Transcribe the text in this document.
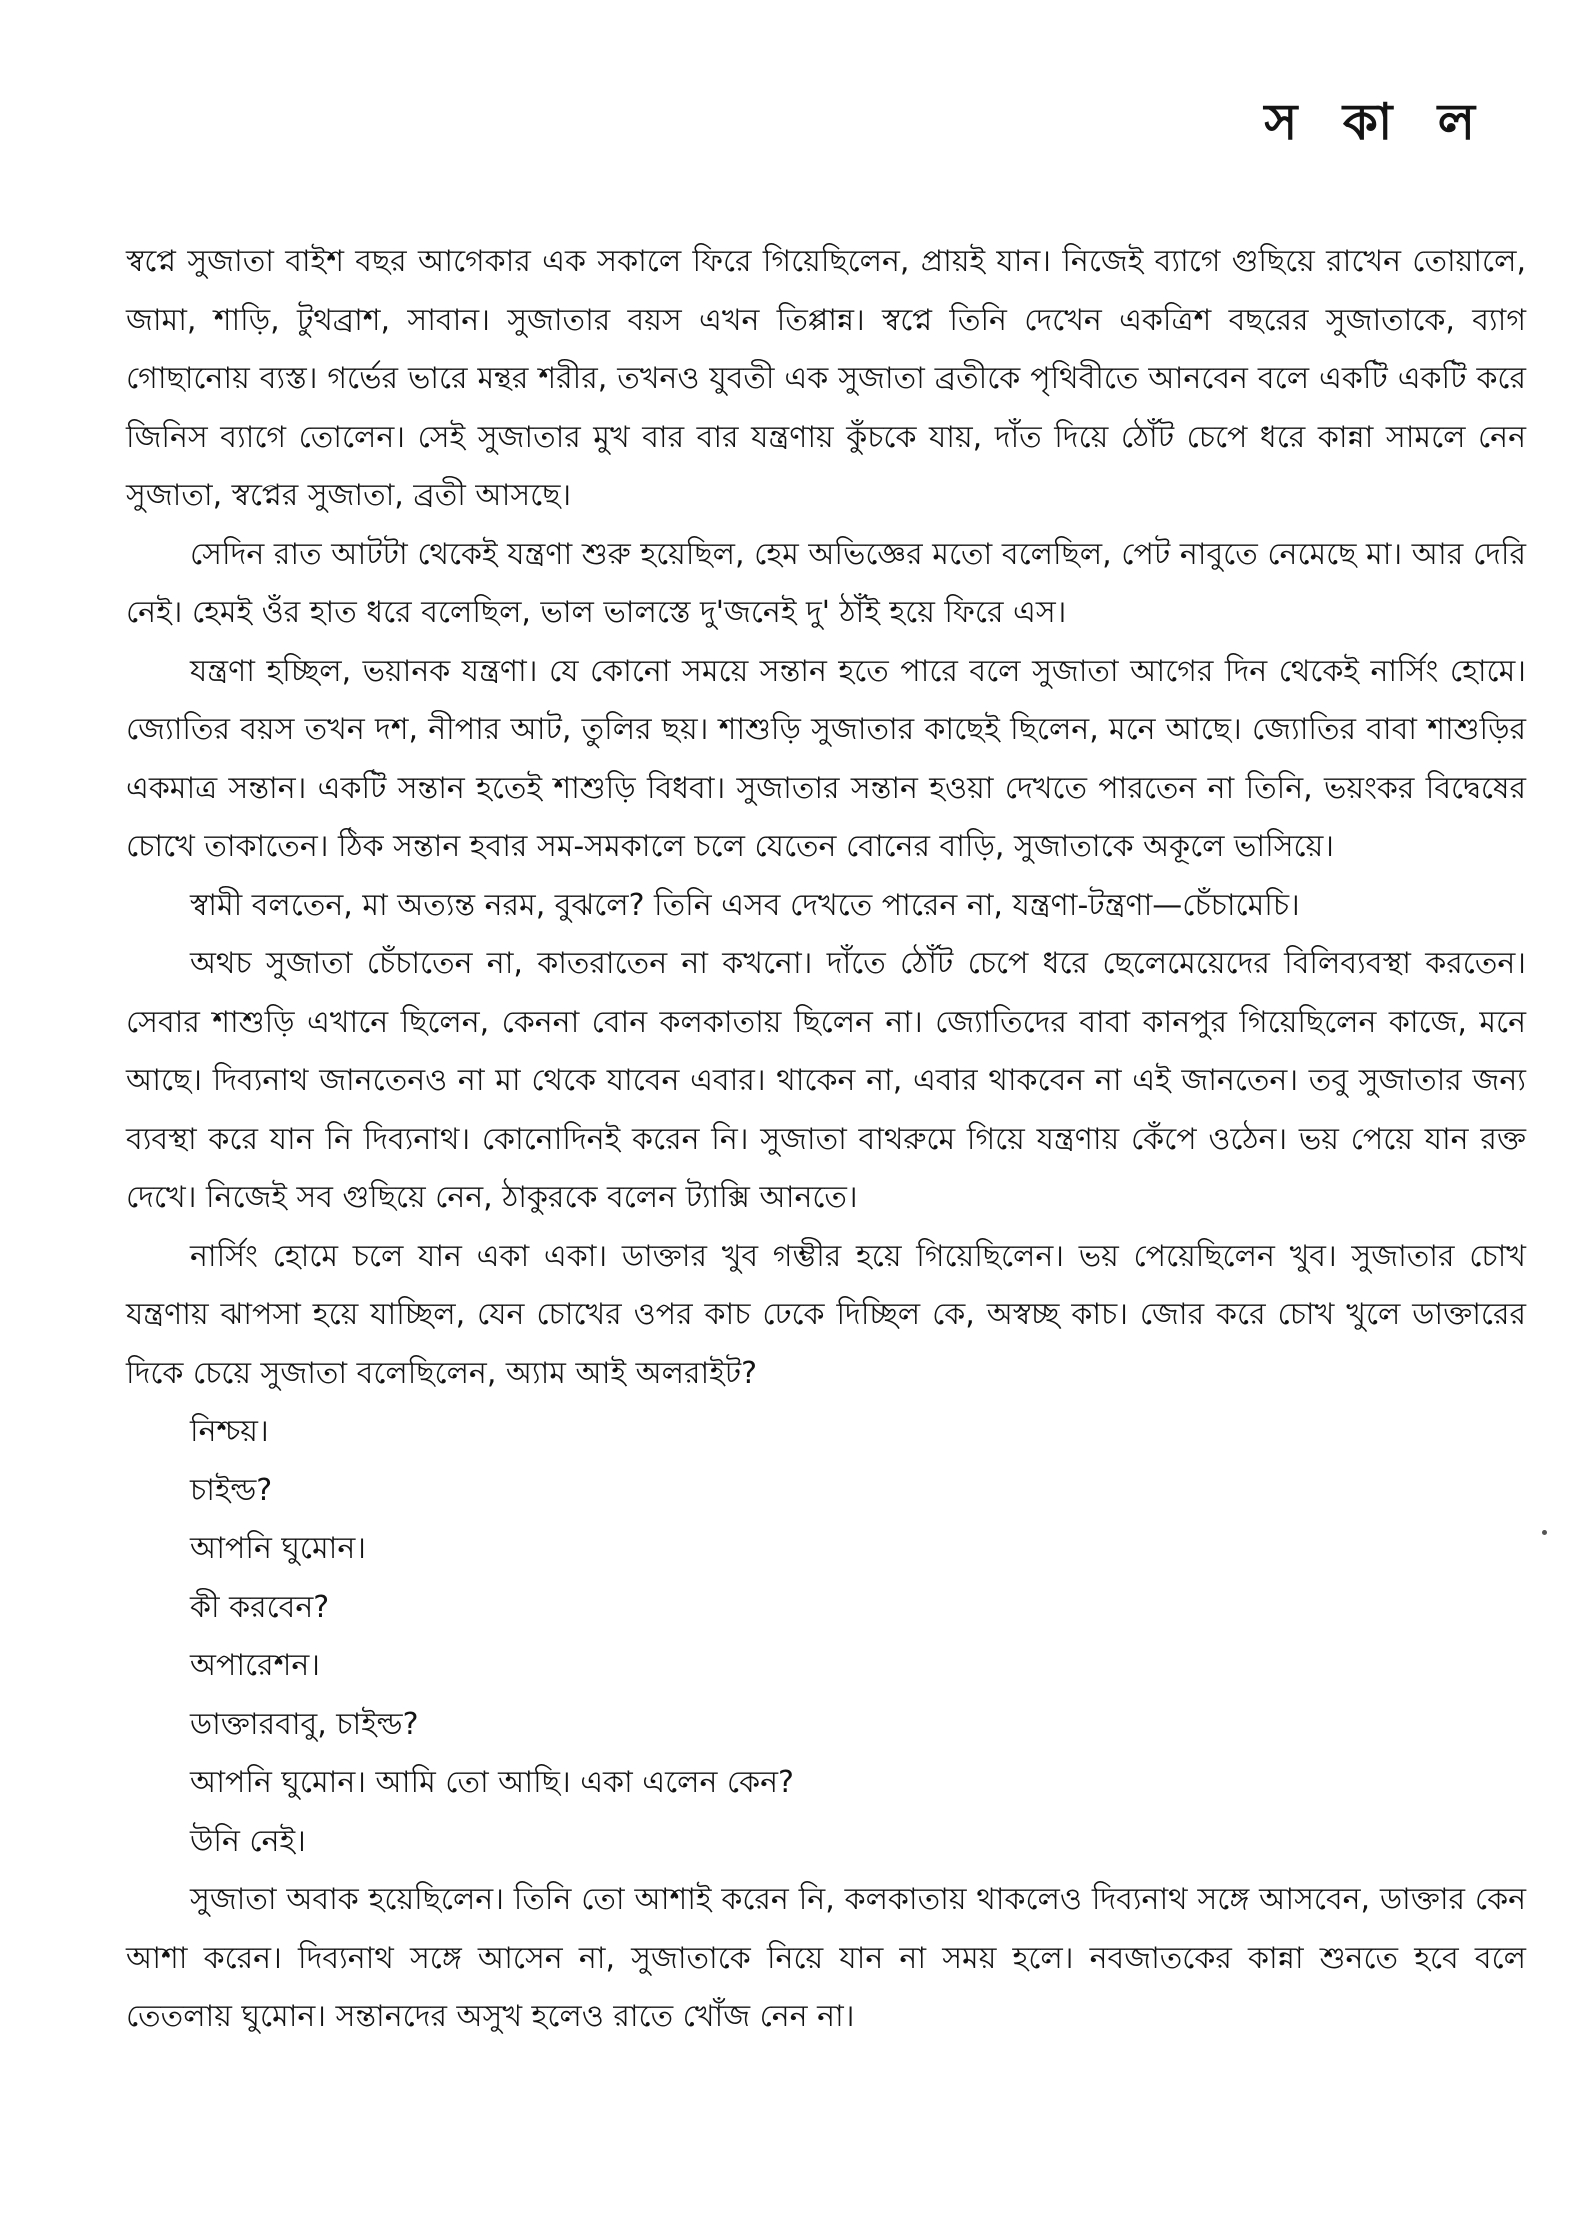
স কা ল

স্বপ্নে সুজাতা বাইশ বছর আগেকার এক সকালে ফিরে গিয়েছিলেন, প্রায়ই যান। নিজেই ব্যাগে গুছিয়ে রাখেন তোয়ালে, জামা, শাড়ি, টুথব্রাশ, সাবান। সুজাতার বয়স এখন তিপ্পান্ন। স্বপ্নে তিনি দেখেন একত্রিশ বছরের সুজাতাকে, ব্যাগ গোছানোয় ব্যস্ত। গর্ভের ভারে মন্থর শরীর, তখনও যুবতী এক সুজাতা ব্রতীকে পৃথিবীতে আনবেন বলে একটি একটি করে জিনিস ব্যাগে তোলেন। সেই সুজাতার মুখ বার বার যন্ত্রণায় কুঁচকে যায়, দাঁত দিয়ে ঠোঁট চেপে ধরে কান্না সামলে নেন সুজাতা, স্বপ্নের সুজাতা, ব্রতী আসছে।

সেদিন রাত আটটা থেকেই যন্ত্রণা শুরু হয়েছিল, হেম অভিজ্ঞের মতো বলেছিল, পেট নাবুতে নেমেছে মা। আর দেরি নেই। হেমই ওঁর হাত ধরে বলেছিল, ভাল ভালস্তে দু'জনেই দু' ঠাঁই হয়ে ফিরে এস।

যন্ত্রণা হচ্ছিল, ভয়ানক যন্ত্রণা। যে কোনো সময়ে সন্তান হতে পারে বলে সুজাতা আগের দিন থেকেই নার্সিং হোমে। জ্যোতির বয়স তখন দশ, নীপার আট, তুলির ছয়। শাশুড়ি সুজাতার কাছেই ছিলেন, মনে আছে। জ্যোতির বাবা শাশুড়ির একমাত্র সন্তান। একটি সন্তান হতেই শাশুড়ি বিধবা। সুজাতার সন্তান হওয়া দেখতে পারতেন না তিনি, ভয়ংকর বিদ্বেষের চোখে তাকাতেন। ঠিক সন্তান হবার সম-সমকালে চলে যেতেন বোনের বাড়ি, সুজাতাকে অকূলে ভাসিয়ে।

স্বামী বলতেন, মা অত্যন্ত নরম, বুঝলে? তিনি এসব দেখতে পারেন না, যন্ত্রণা-টন্ত্রণা—চেঁচামেচি।

অথচ সুজাতা চেঁচাতেন না, কাতরাতেন না কখনো। দাঁতে ঠোঁট চেপে ধরে ছেলেমেয়েদের বিলিব্যবস্থা করতেন। সেবার শাশুড়ি এখানে ছিলেন, কেননা বোন কলকাতায় ছিলেন না। জ্যোতিদের বাবা কানপুর গিয়েছিলেন কাজে, মনে আছে। দিব্যনাথ জানতেনও না মা থেকে যাবেন এবার। থাকেন না, এবার থাকবেন না এই জানতেন। তবু সুজাতার জন্য ব্যবস্থা করে যান নি দিব্যনাথ। কোনোদিনই করেন নি। সুজাতা বাথরুমে গিয়ে যন্ত্রণায় কেঁপে ওঠেন। ভয় পেয়ে যান রক্ত দেখে। নিজেই সব গুছিয়ে নেন, ঠাকুরকে বলেন ট্যাক্সি আনতে।

নার্সিং হোমে চলে যান একা একা। ডাক্তার খুব গম্ভীর হয়ে গিয়েছিলেন। ভয় পেয়েছিলেন খুব। সুজাতার চোখ যন্ত্রণায় ঝাপসা হয়ে যাচ্ছিল, যেন চোখের ওপর কাচ ঢেকে দিচ্ছিল কে, অস্বচ্ছ কাচ। জোর করে চোখ খুলে ডাক্তারের দিকে চেয়ে সুজাতা বলেছিলেন, অ্যাম আই অলরাইট?

নিশ্চয়।

চাইল্ড?

আপনি ঘুমোন।

কী করবেন?

অপারেশন।

ডাক্তারবাবু, চাইল্ড?

আপনি ঘুমোন। আমি তো আছি। একা এলেন কেন?

উনি নেই।

সুজাতা অবাক হয়েছিলেন। তিনি তো আশাই করেন নি, কলকাতায় থাকলেও দিব্যনাথ সঙ্গে আসবেন, ডাক্তার কেন আশা করেন। দিব্যনাথ সঙ্গে আসেন না, সুজাতাকে নিয়ে যান না সময় হলে। নবজাতকের কান্না শুনতে হবে বলে তেতলায় ঘুমোন। সন্তানদের অসুখ হলেও রাতে খোঁজ নেন না।
